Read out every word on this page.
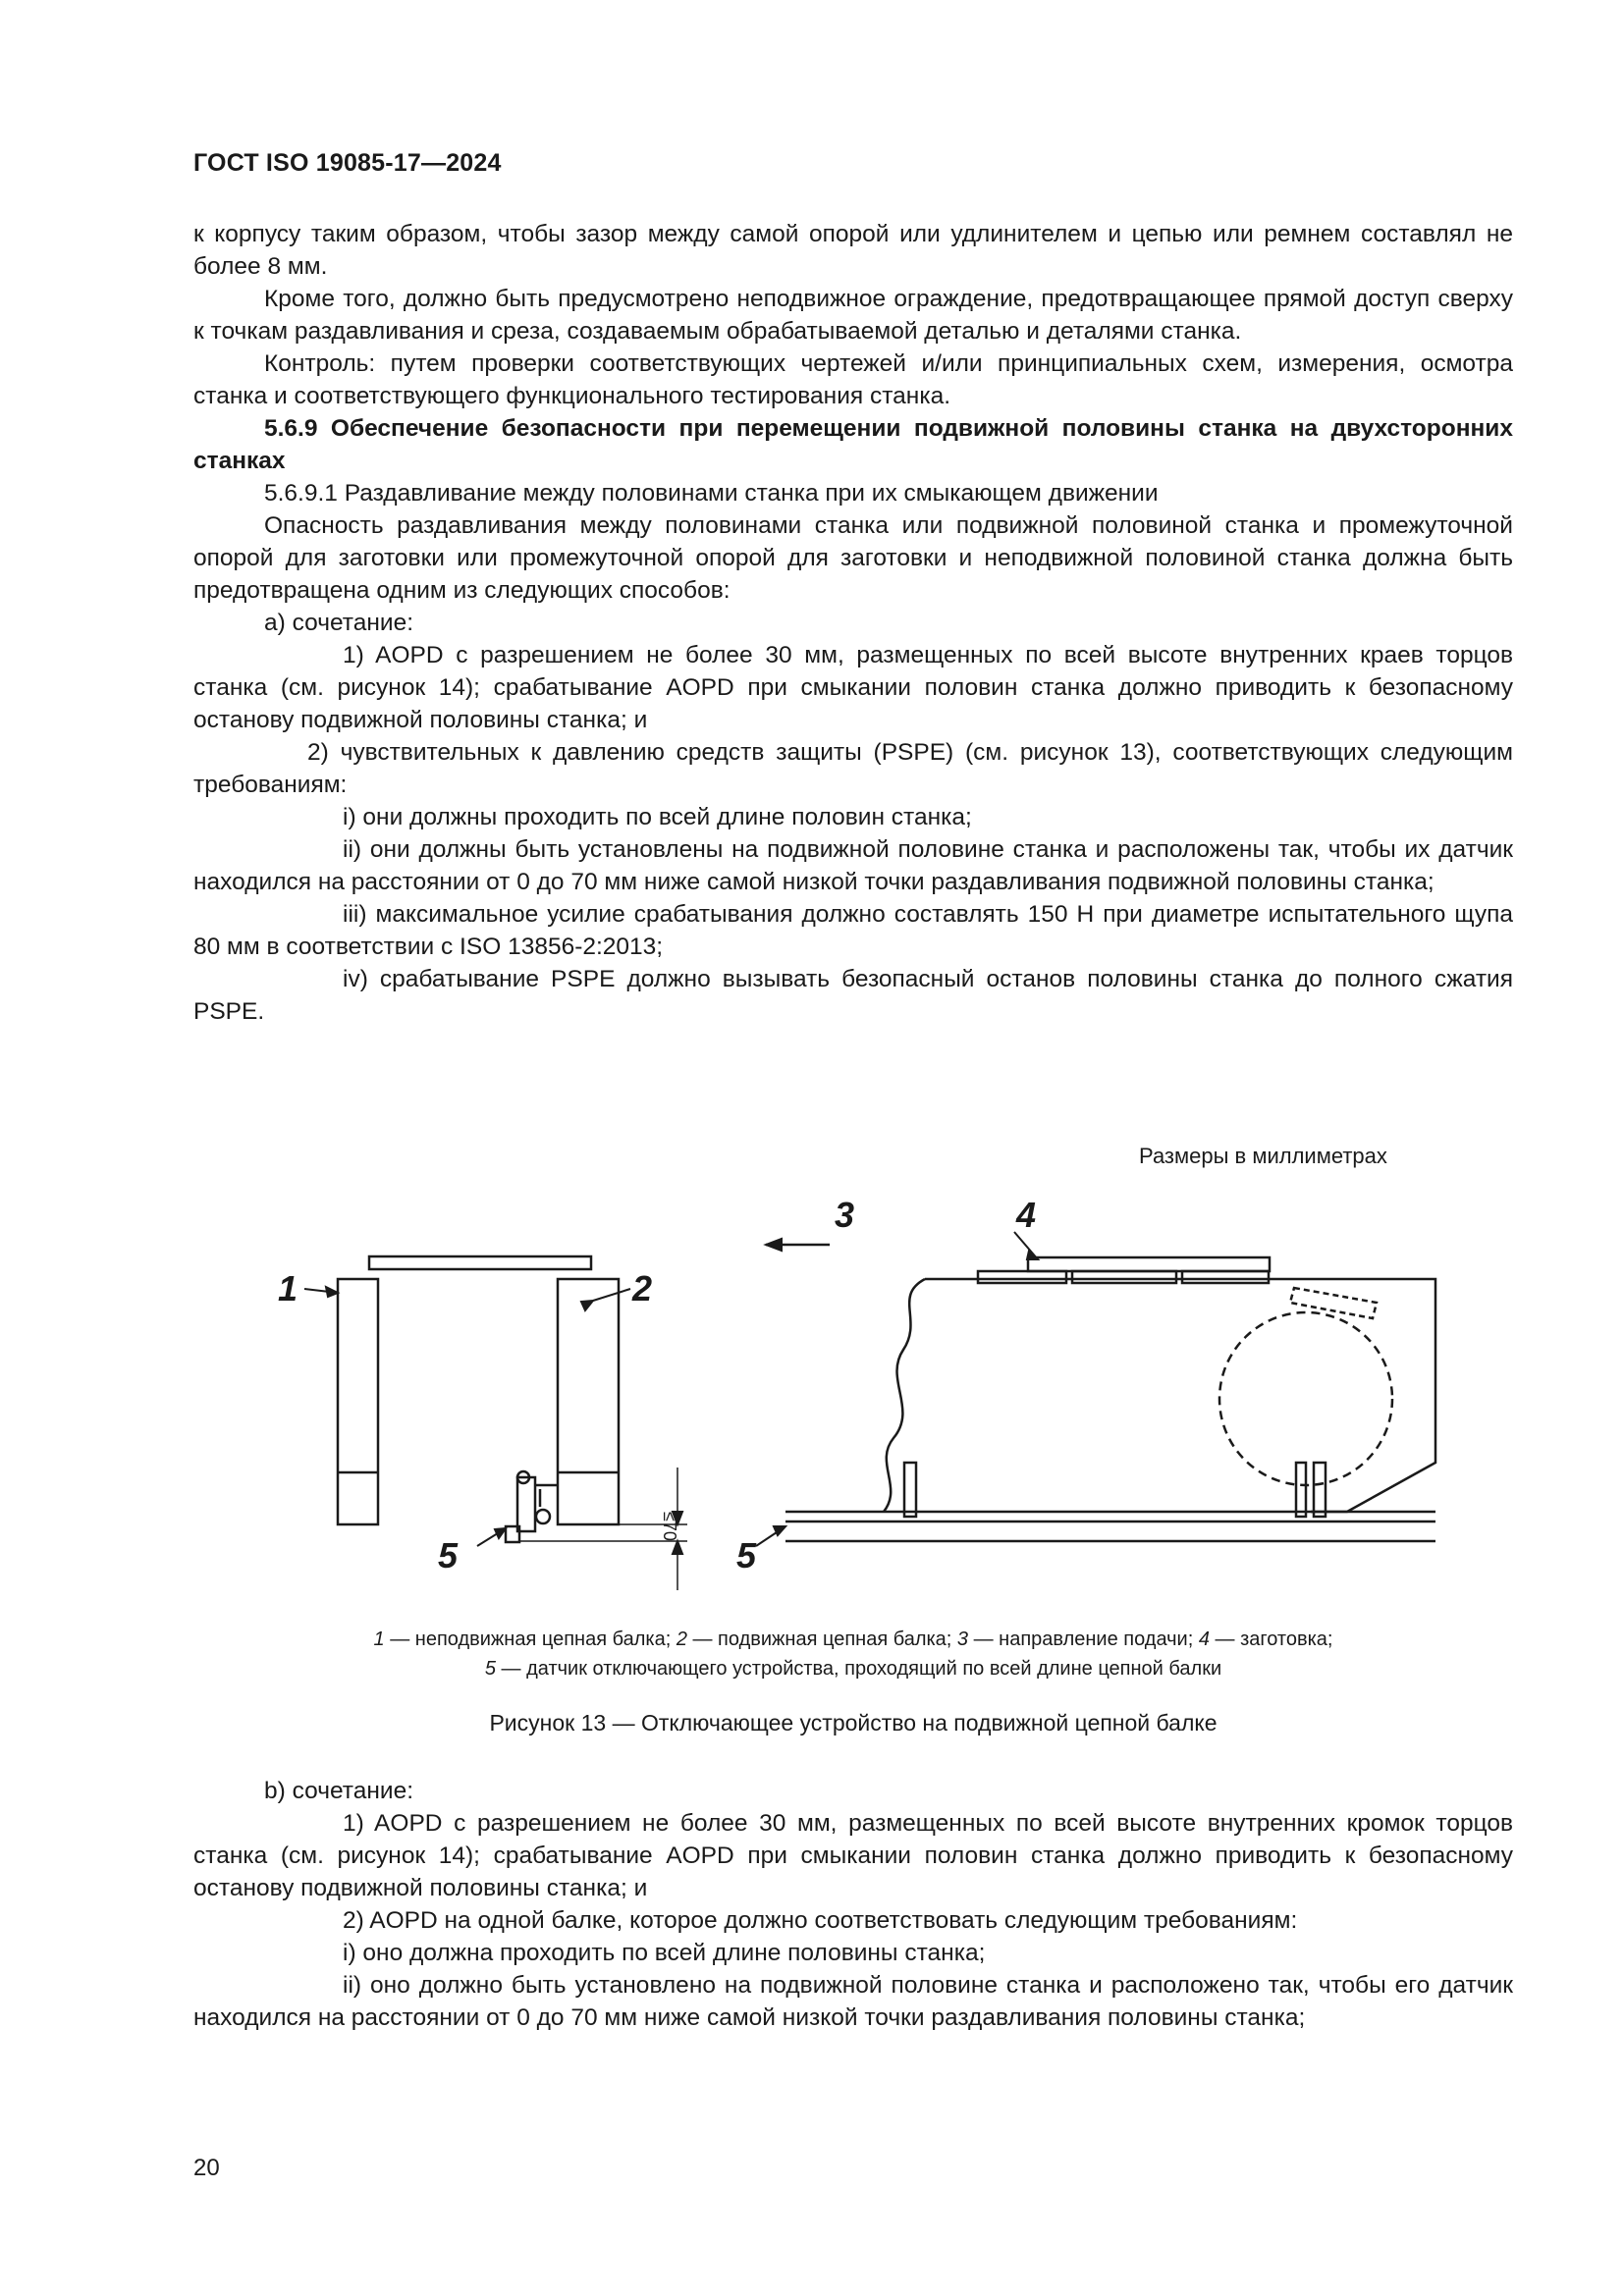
ГОСТ ISO 19085-17—2024

к корпусу таким образом, чтобы зазор между самой опорой или удлинителем и цепью или ремнем составлял не более 8 мм.

Кроме того, должно быть предусмотрено неподвижное ограждение, предотвращающее прямой доступ сверху к точкам раздавливания и среза, создаваемым обрабатываемой деталью и деталями станка.

Контроль: путем проверки соответствующих чертежей и/или принципиальных схем, измерения, осмотра станка и соответствующего функционального тестирования станка.

5.6.9 Обеспечение безопасности при перемещении подвижной половины станка на двухсторонних станках

5.6.9.1 Раздавливание между половинами станка при их смыкающем движении

Опасность раздавливания между половинами станка или подвижной половиной станка и промежуточной опорой для заготовки или промежуточной опорой для заготовки и неподвижной половиной станка должна быть предотвращена одним из следующих способов:

а) сочетание:

1) AOPD с разрешением не более 30 мм, размещенных по всей высоте внутренних краев торцов станка (см. рисунок 14); срабатывание AOPD при смыкании половин станка должно приводить к безопасному останову подвижной половины станка; и

2) чувствительных к давлению средств защиты (PSPE) (см. рисунок 13), соответствующих следующим требованиям:

i) они должны проходить по всей длине половин станка;

ii) они должны быть установлены на подвижной половине станка и расположены так, чтобы их датчик находился на расстоянии от 0 до 70 мм ниже самой низкой точки раздавливания подвижной половины станка;

iii) максимальное усилие срабатывания должно составлять 150 Н при диаметре испытательного щупа 80 мм в соответствии с ISO 13856-2:2013;

iv) срабатывание PSPE должно вызывать безопасный останов половины станка до полного сжатия PSPE.

Размеры в миллиметрах
1	2
3	4
5	5
≤70
1 — неподвижная цепная балка; 2 — подвижная цепная балка; 3 — направление подачи; 4 — заготовка;
5 — датчик отключающего устройства, проходящий по всей длине цепной балки
Рисунок 13 — Отключающее устройство на подвижной цепной балке

b) сочетание:

1) AOPD с разрешением не более 30 мм, размещенных по всей высоте внутренних кромок торцов станка (см. рисунок 14); срабатывание AOPD при смыкании половин станка должно приводить к безопасному останову подвижной половины станка; и

2) AOPD на одной балке, которое должно соответствовать следующим требованиям:

i) оно должна проходить по всей длине половины станка;

ii) оно должно быть установлено на подвижной половине станка и расположено так, чтобы его датчик находился на расстоянии от 0 до 70 мм ниже самой низкой точки раздавливания половины станка;

20
